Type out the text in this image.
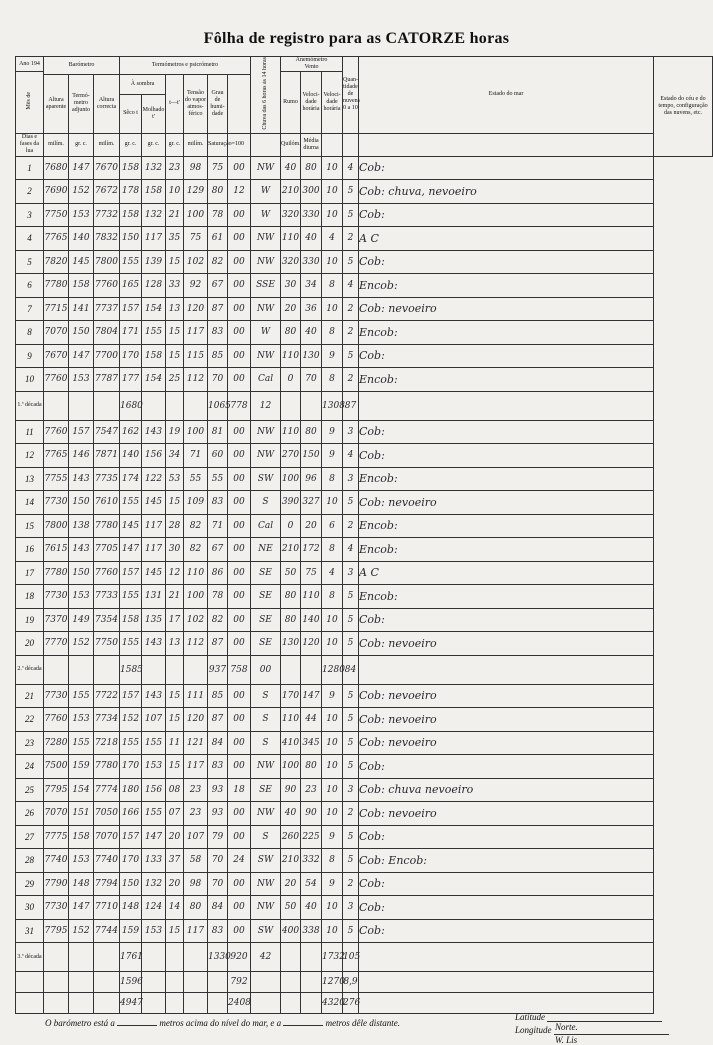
Fôlha de registro para as CATORZE horas
Ano 194	Barómetro			Termómetros e psicrómetro						Chuva das 6 horas às 14 horas	Anemómetro
Vento			Quan-tidade de nuvens 0 a 10	Estado do mar	Estado do céu e do tempo, configuração das nuvens, etc.
Mês de											Rumo	Veloci-dade horária	Veloci-dade horária			
	Altura aparente	Termó-metro adjunto	Altura correcta	À sombra		t—t'	Tensão do vapor atmos-férico	Grau de humi-dade								
				Sêco t	Molhado t'											
Dias e fases da lua	milím.	gr. c.	milím.	gr. c.	gr. c.	gr. c.	milím.	Saturação=100			Quilóm.	Média diurna				
1	7680	147	7670	158	132	23	98	75	00	NW	40	80	10	4	Cob:	
2	7690	152	7672	178	158	10	129	80	12	W	210	300	10	5	Cob: chuva, nevoeiro	
3	7750	153	7732	158	132	21	100	78	00	W	320	330	10	5	Cob:	
4	7765	140	7832	150	117	35	75	61	00	NW	110	40	4	2	A C	
5	7820	145	7800	155	139	15	102	82	00	NW	320	330	10	5	Cob:	
6	7780	158	7760	165	128	33	92	67	00	SSE	30	34	8	4	Encob:	
7	7715	141	7737	157	154	13	120	87	00	NW	20	36	10	2	Cob: nevoeiro	
8	7070	150	7804	171	155	15	117	83	00	W	80	40	8	2	Encob:	
9	7670	147	7700	170	158	15	115	85	00	NW	110	130	9	5	Cob:	
10	7760	153	7787	177	154	25	112	70	00	Cal	0	70	8	2	Encob:	
1.ª década				1680				1065	778	12			1308	87		
11	7760	157	7547	162	143	19	100	81	00	NW	110	80	9	3	Cob:	
12	7765	146	7871	140	156	34	71	60	00	NW	270	150	9	4	Cob:	
13	7755	143	7735	174	122	53	55	55	00	SW	100	96	8	3	Encob:	
14	7730	150	7610	155	145	15	109	83	00	S	390	327	10	5	Cob: nevoeiro	
15	7800	138	7780	145	117	28	82	71	00	Cal	0	20	6	2	Encob:	
16	7615	143	7705	147	117	30	82	67	00	NE	210	172	8	4	Encob:	
17	7780	150	7760	157	145	12	110	86	00	SE	50	75	4	3	A C	
18	7730	153	7733	155	131	21	100	78	00	SE	80	110	8	5	Encob:	
19	7370	149	7354	158	135	17	102	82	00	SE	80	140	10	5	Cob:	
20	7770	152	7750	155	143	13	112	87	00	SE	130	120	10	5	Cob: nevoeiro	
2.ª década				1585				937	758	00			1280	84		
21	7730	155	7722	157	143	15	111	85	00	S	170	147	9	5	Cob: nevoeiro	
22	7760	153	7734	152	107	15	120	87	00	S	110	44	10	5	Cob: nevoeiro	
23	7280	155	7218	155	155	11	121	84	00	S	410	345	10	5	Cob: nevoeiro	
24	7500	159	7780	170	153	15	117	83	00	NW	100	80	10	5	Cob:	
25	7795	154	7774	180	156	08	23	93	18	SE	90	23	10	3	Cob: chuva nevoeiro	
26	7070	151	7050	166	155	07	23	93	00	NW	40	90	10	2	Cob: nevoeiro	
27	7775	158	7070	157	147	20	107	79	00	S	260	225	9	5	Cob:	
28	7740	153	7740	170	133	37	58	70	24	SW	210	332	8	5	Cob: Encob:	
29	7790	148	7794	150	132	20	98	70	00	NW	20	54	9	2	Cob:	
30	7730	147	7710	148	124	14	80	84	00	NW	50	40	10	3	Cob:	
31	7795	152	7744	159	153	15	117	83	00	SW	400	338	10	5	Cob:	
3.ª década				1761				1330	920	42			1732	105		
				1596					792				1270	8,9		
				4947					2408				4320	276		
O barómetro está a	metros acima do nível do mar, e a	metros dêle distante.
Latitude  Norte.
Longitude  W. Lis
